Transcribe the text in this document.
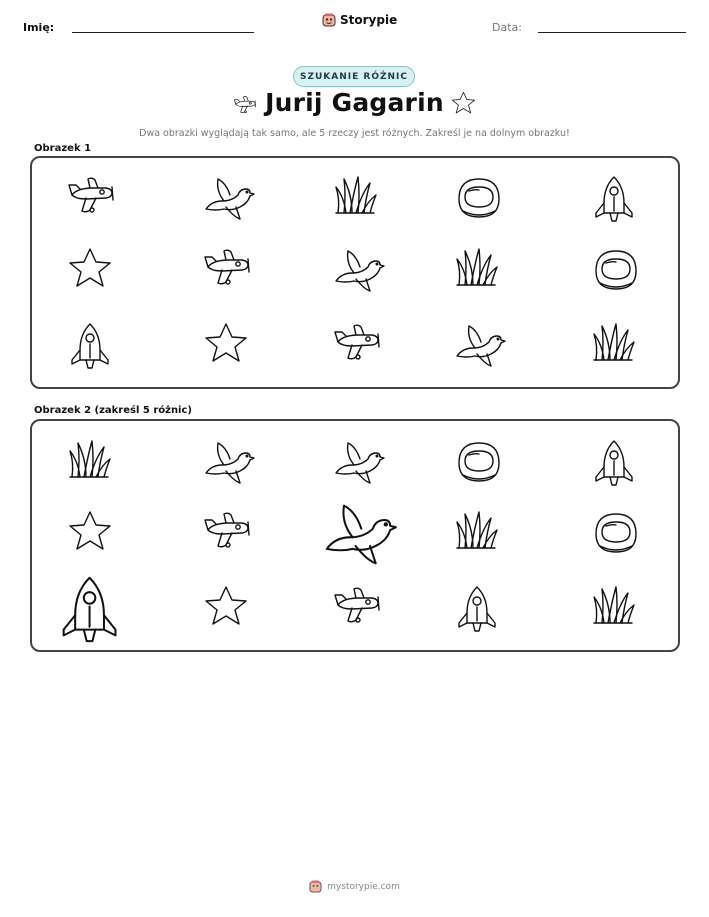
Imię:
Storypie
Data:
SZUKANIE RÓŻNIC
Jurij Gagarin
Dwa obrazki wyglądają tak samo, ale 5 rzeczy jest różnych. Zakreśl je na dolnym obrazku!
Obrazek 1
Obrazek 2 (zakreśl 5 różnic)
mystorypie.com
